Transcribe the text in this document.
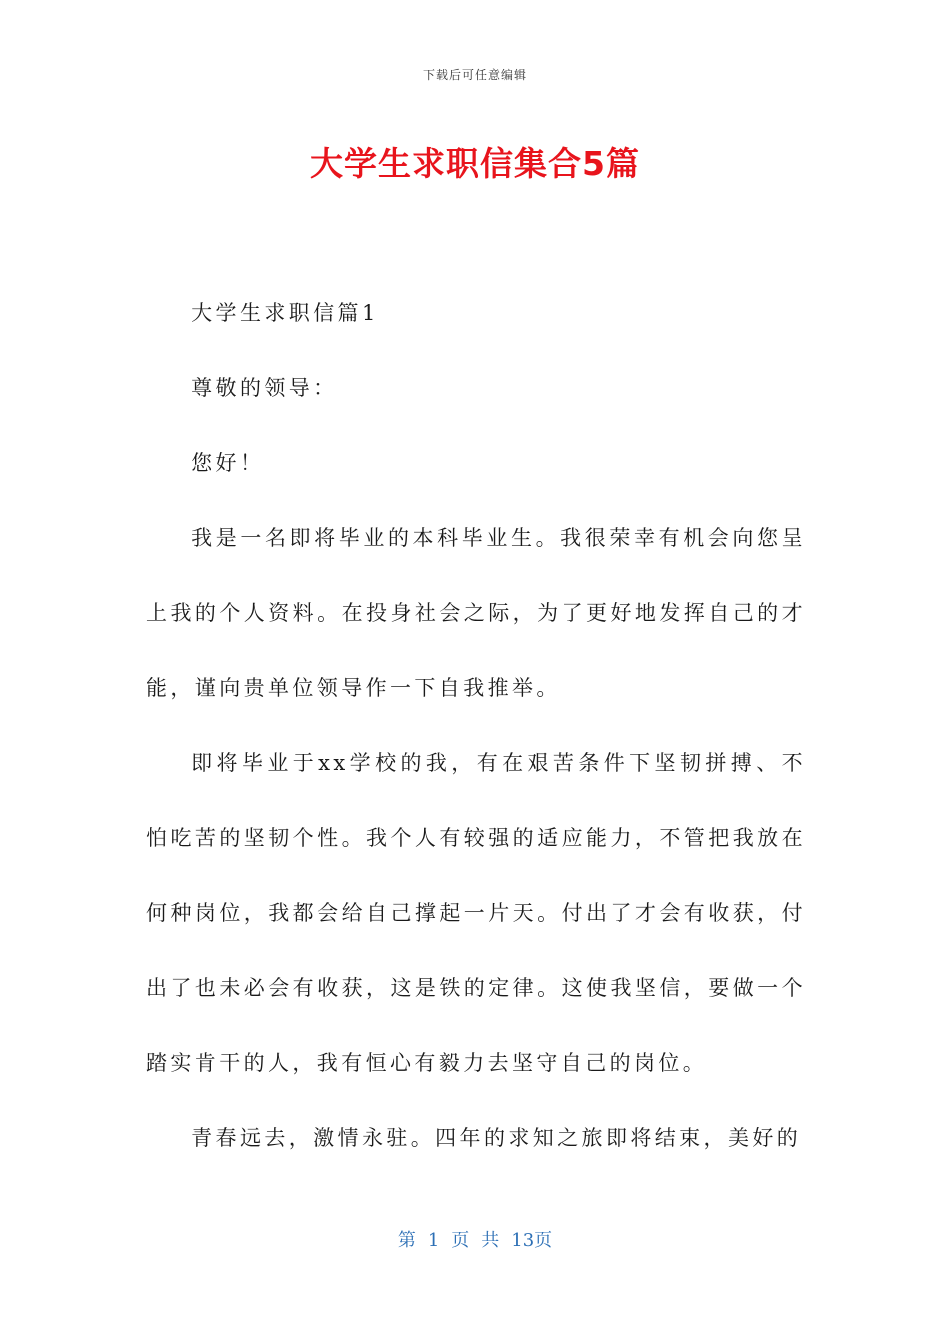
下载后可任意编辑
大学生求职信集合5篇

大学生求职信篇1

尊敬的领导：

您好！

我是一名即将毕业的本科毕业生。我很荣幸有机会向您呈上我的个人资料。在投身社会之际，为了更好地发挥自己的才能，谨向贵单位领导作一下自我推举。

即将毕业于xx学校的我，有在艰苦条件下坚韧拼搏、不怕吃苦的坚韧个性。我个人有较强的适应能力，不管把我放在何种岗位，我都会给自己撑起一片天。付出了才会有收获，付出了也未必会有收获，这是铁的定律。这使我坚信，要做一个踏实肯干的人，我有恒心有毅力去坚守自己的岗位。

青春远去，激情永驻。四年的求知之旅即将结束，美好的

第 1 页 共 13页
